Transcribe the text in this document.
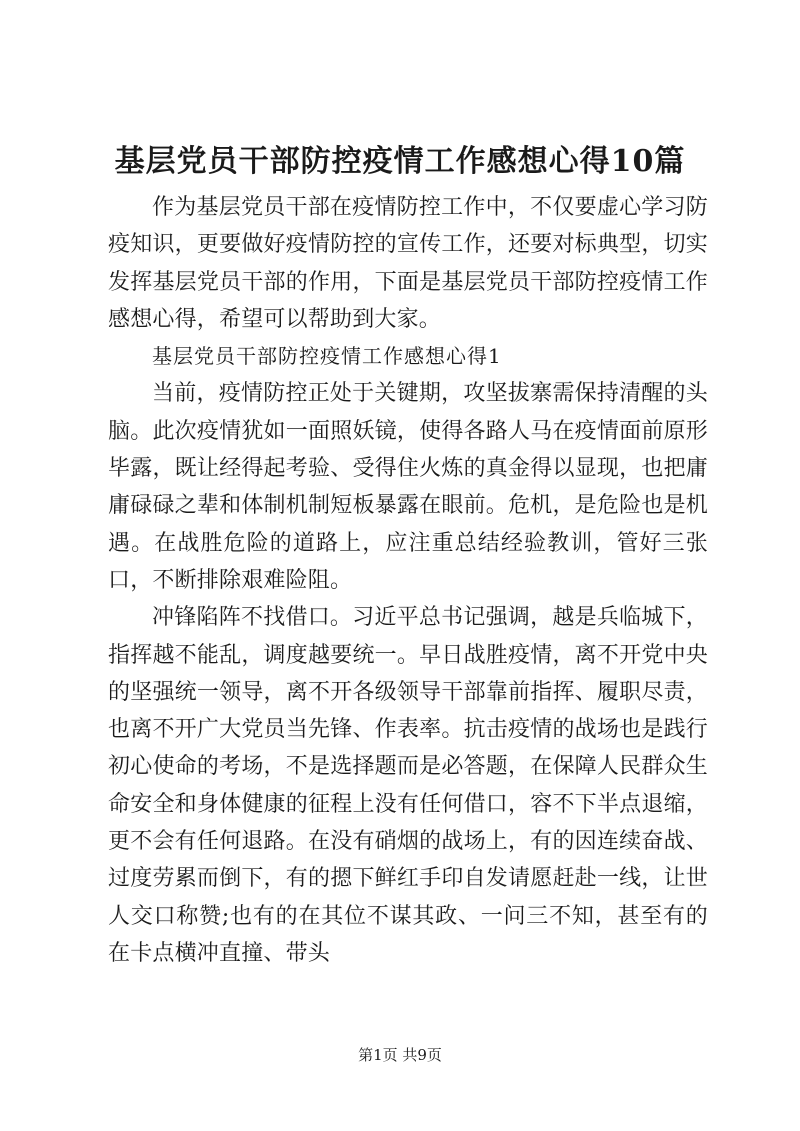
基层党员干部防控疫情工作感想心得10篇

作为基层党员干部在疫情防控工作中，不仅要虚心学习防疫知识，更要做好疫情防控的宣传工作，还要对标典型，切实发挥基层党员干部的作用，下面是基层党员干部防控疫情工作感想心得，希望可以帮助到大家。

基层党员干部防控疫情工作感想心得1

当前，疫情防控正处于关键期，攻坚拔寨需保持清醒的头脑。此次疫情犹如一面照妖镜，使得各路人马在疫情面前原形毕露，既让经得起考验、受得住火炼的真金得以显现，也把庸庸碌碌之辈和体制机制短板暴露在眼前。危机，是危险也是机遇。在战胜危险的道路上，应注重总结经验教训，管好三张口，不断排除艰难险阻。

冲锋陷阵不找借口。习近平总书记强调，越是兵临城下，指挥越不能乱，调度越要统一。早日战胜疫情，离不开党中央的坚强统一领导，离不开各级领导干部靠前指挥、履职尽责，也离不开广大党员当先锋、作表率。抗击疫情的战场也是践行初心使命的考场，不是选择题而是必答题，在保障人民群众生命安全和身体健康的征程上没有任何借口，容不下半点退缩，更不会有任何退路。在没有硝烟的战场上，有的因连续奋战、过度劳累而倒下，有的摁下鲜红手印自发请愿赶赴一线，让世人交口称赞;也有的在其位不谋其政、一问三不知，甚至有的在卡点横冲直撞、带头

第1页 共9页
